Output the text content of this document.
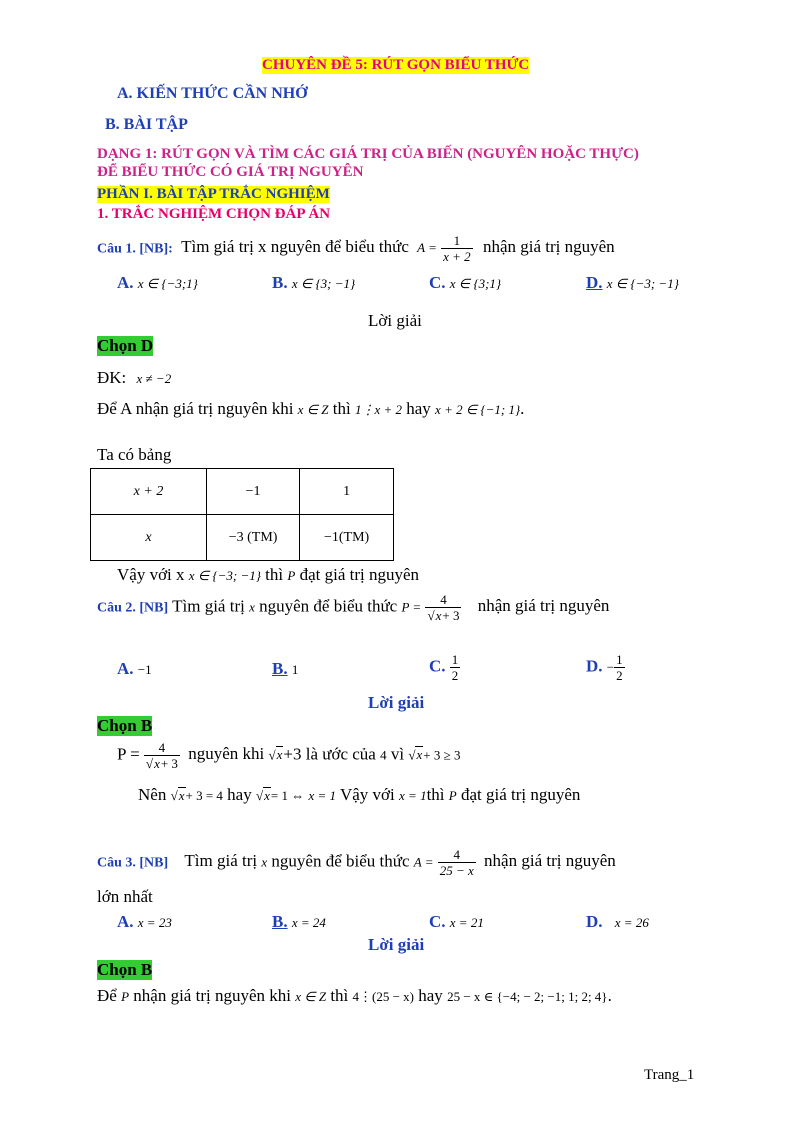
CHUYÊN ĐỀ 5: RÚT GỌN BIỂU THỨC
A. KIẾN THỨC CẦN NHỚ
B. BÀI TẬP
DẠNG 1: RÚT GỌN VÀ TÌM CÁC GIÁ TRỊ CỦA BIẾN (NGUYÊN HOẶC THỰC)
ĐỂ BIỂU THỨC CÓ GIÁ TRỊ NGUYÊN
PHẦN I. BÀI TẬP TRẮC NGHIỆM
1. TRẮC NGHIỆM CHỌN ĐÁP ÁN
Câu 1. [NB]: Tìm giá trị x nguyên để biểu thức $A = \frac{1}{x + 2}$ nhận giá trị nguyên
A. x ∈ {−3;1}	B. x ∈ {3; −1}	C. x ∈ {3;1}	D. x ∈ {−3; −1}
Lời giải
Chọn D
ĐK: x ≠ −2
Để A nhận giá trị nguyên khi x ∈ Z thì 1⋮x + 2 hay x + 2 ∈ {−1; 1}.
Ta có bảng
x + 2	−1	1
x	−3 (TM)	−1(TM)
Vậy với x x ∈ {−3; −1} thì P đạt giá trị nguyên
Câu 2. [NB] Tìm giá trị x nguyên để biểu thức $P = \frac{4}{√x+ 3}$ nhận giá trị nguyên
A. −1	B. 1	C. $\frac{1}{2}$	D. − $\frac{1}{2}$
Lời giải
Chọn B
$P = \frac{4}{√x+ 3}$ nguyên khi √x+3 là ước của 4 vì √x+ 3 ≥ 3
Nên √x+ 3 = 4 hay √x= 1 ⇔ x = 1 Vậy với x = 1thì P đạt giá trị nguyên
Câu 3. [NB] Tìm giá trị x nguyên để biểu thức $A = \frac{4}{25 - x}$ nhận giá trị nguyên
lớn nhất
A. x = 23	B. x = 24	C. x = 21	D. x = 26
Lời giải
Chọn B
Để P nhận giá trị nguyên khi x ∈ Z thì 4⋮(25 − x) hay 25 − x ∈ {−4; − 2; −1; 1; 2; 4}.
Trang_1
